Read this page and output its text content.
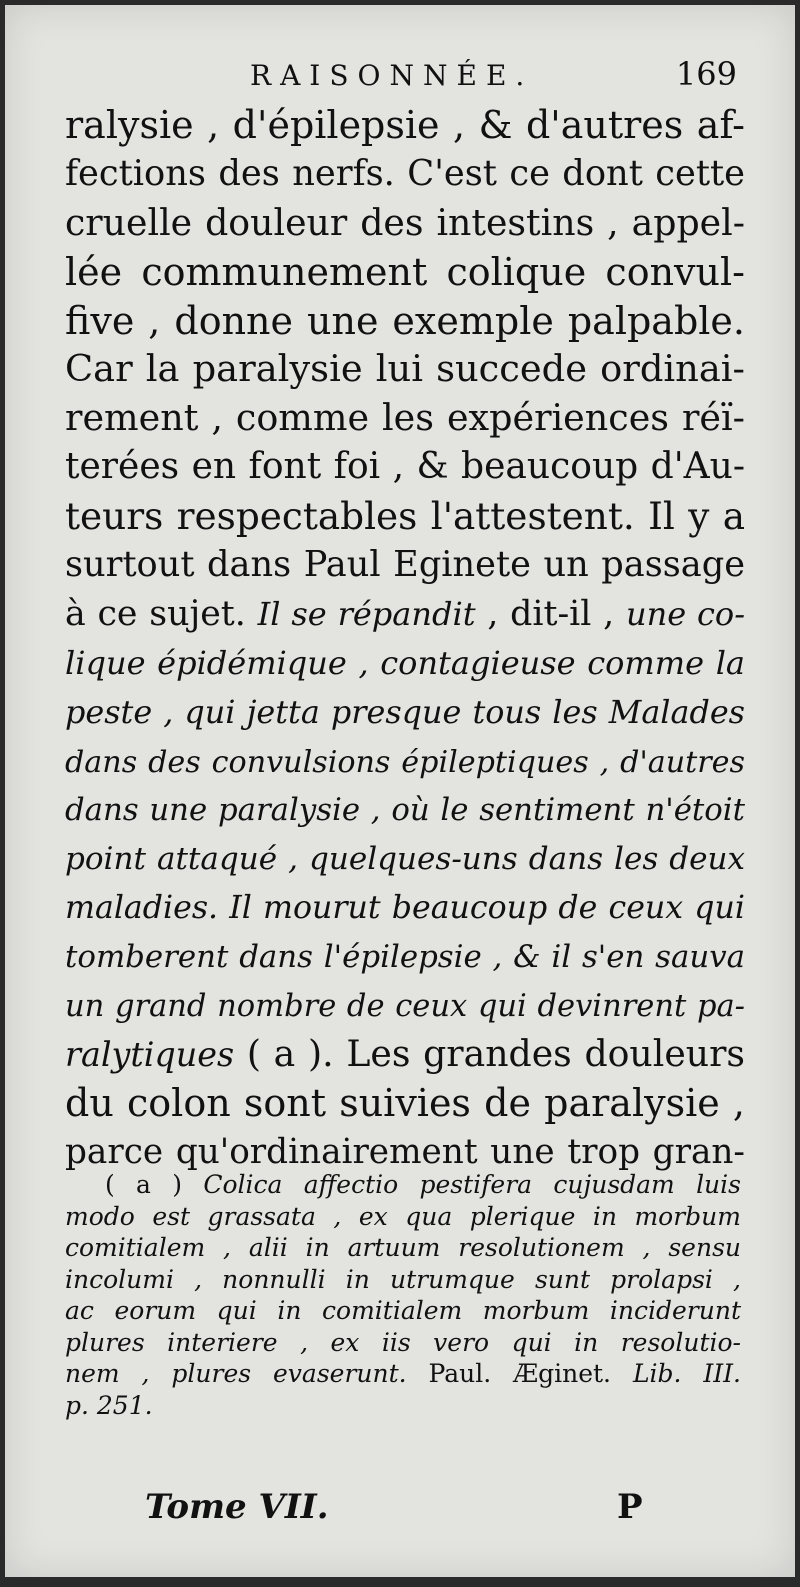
RAISONNÉE.	169
ralysie , d'épilepsie , & d'autres af-
fections des nerfs. C'est ce dont cette
cruelle douleur des intestins , appel-
lée communement colique convul-
five , donne une exemple palpable.
Car la paralysie lui succede ordinai-
rement , comme les expériences réï-
terées en font foi , & beaucoup d'Au-
teurs respectables l'attestent. Il y a
surtout dans Paul Eginete un passage
à ce sujet. Il se répandit , dit-il , une co-
lique épidémique , contagieuse comme la
peste , qui jetta presque tous les Malades
dans des convulsions épileptiques , d'autres
dans une paralysie , où le sentiment n'étoit
point attaqué , quelques-uns dans les deux
maladies. Il mourut beaucoup de ceux qui
tomberent dans l'épilepsie , & il s'en sauva
un grand nombre de ceux qui devinrent pa-
ralytiques ( a ). Les grandes douleurs
du colon sont suivies de paralysie ,
parce qu'ordinairement une trop gran-
( a ) Colica affectio pestifera cujusdam luis
modo est grassata , ex qua plerique in morbum
comitialem , alii in artuum resolutionem , sensu
incolumi , nonnulli in utrumque sunt prolapsi ,
ac eorum qui in comitialem morbum inciderunt
plures interiere , ex iis vero qui in resolutio-
nem , plures evaserunt. Paul. Æginet. Lib. III.
p. 251.
Tome VII.	P
